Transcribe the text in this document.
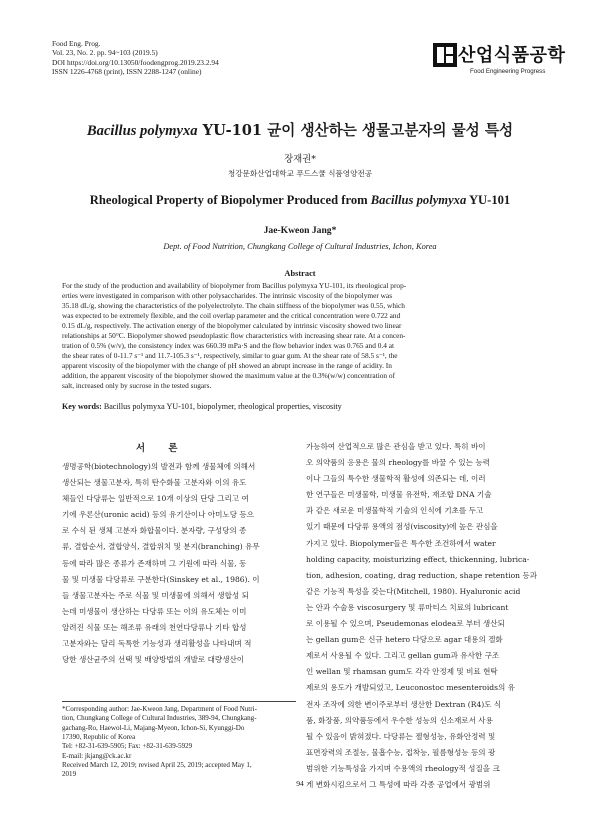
Food Eng. Prog.
Vol. 23, No. 2. pp. 94~103 (2019.5)
DOI https://doi.org/10.13050/foodengprog.2019.23.2.94
ISSN 1226-4768 (print), ISSN 2288-1247 (online)
산업식품공학
Food Engineering Progress
Bacillus polymyxa YU-101 균이 생산하는 생물고분자의 물성 특성
장재권*
청강문화산업대학교 푸드스쿨 식품영양전공
Rheological Property of Biopolymer Produced from Bacillus polymyxa YU-101
Jae-Kweon Jang*
Dept. of Food Nutrition, Chungkang College of Cultural Industries, Ichon, Korea
Abstract
For the study of the production and availability of biopolymer from Bacillus polymyxa YU-101, its rheological prop-
erties were investigated in comparison with other polysaccharides. The intrinsic viscosity of the biopolymer was
35.18 dL/g, showing the characteristics of the polyelectrolyte. The chain stiffness of the biopolymer was 0.55, which
was expected to be extremely flexible, and the coil overlap parameter and the critical concentration were 0.722 and
0.15 dL/g, respectively. The activation energy of the biopolymer calculated by intrinsic viscosity showed two linear
relationships at 50°C. Biopolymer showed pseudoplastic flow characteristics with increasing shear rate. At a concen-
tration of 0.5% (w/v), the consistency index was 660.39 mPa·S and the flow behavior index was 0.765 and 0.4 at
the shear rates of 0-11.7 s⁻¹ and 11.7-105.3 s⁻¹, respectively, similar to guar gum. At the shear rate of 58.5 s⁻¹, the
apparent viscosity of the biopolymer with the change of pH showed an abrupt increase in the range of acidity. In
addition, the apparent viscosity of the biopolymer showed the maximum value at the 0.3%(w/w) concentration of
salt, increased only by sucrose in the tested sugars.
Key words: Bacillus polymyxa YU-101, biopolymer, rheological properties, viscosity
서 론
생명공학(biotechnology)의 발전과 함께 생물체에 의해서
생산되는 생물고분자, 특히 탄수화물 고분자와 이의 유도
체들인 다당류는 일반적으로 10개 이상의 단당 그리고 여
기에 우론산(uronic acid) 등의 유기산이나 아미노당 등으
로 수식 된 생체 고분자 화합물이다. 분자량, 구성당의 종
류, 결합순서, 결합양식, 결합위치 및 분지(branching) 유무
등에 따라 많은 종류가 존재하며 그 기원에 따라 식물, 동
물 및 미생물 다당류로 구분한다(Sinskey et al., 1986). 이
들 생물고분자는 주로 식물 및 미생물에 의해서 생합성 되
는데 미생물이 생산하는 다당류 또는 이의 유도체는 이미
알려진 식물 또는 해조류 유래의 천연다당류나 기타 합성
고분자와는 달리 독특한 기능성과 생리활성을 나타내며 적
당한 생산균주의 선택 및 배양방법의 개발로 대량생산이
가능하여 산업적으로 많은 관심을 받고 있다. 특히 바이
오 의약품의 응용은 물의 rheology를 바꿀 수 있는 능력
이나 그들의 특수한 생물학적 활성에 의존되는 데, 이러
한 연구들은 미생물학, 미생물 유전학, 재조합 DNA 기술
과 같은 새로운 미생물학적 기술의 인식에 기초를 두고
있기 때문에 다당류 용액의 점성(viscosity)에 높은 관심을
가지고 있다. Biopolymer들은 특수한 조건하에서 water
holding capacity, moisturizing effect, thickenning, lubrica-
tion, adhesion, coating, drag reduction, shape retention 등과
같은 기능적 특성을 갖는다(Mitchell, 1980). Hyaluronic acid
는 안과 수술용 viscosurgery 및 류마티스 치료의 lubricant
로 이용될 수 있으며, Pseudemonas elodea로 부터 생산되
는 gellan gum은 신규 hetero 다당으로 agar 대용의 겔화
제로서 사용될 수 있다. 그리고 gellan gum과 유사한 구조
인 wellan 및 rhamsan gum도 각각 안정제 및 비료 현탁
제로의 용도가 개발되었고, Leuconostoc mesenteroids의 유
전자 조작에 의한 변이주로부터 생산한 Dextran (R4)도 식
품, 화장품, 의약품등에서 우수한 성능의 신소재로서 사용
될 수 있음이 밝혀졌다. 다당류는 젤형성능, 유화안정력 및
표면장력의 조절능, 물흡수능, 접착능, 필름형성능 등의 광
범위한 기능특성을 가지며 수용액의 rheology적 성질을 크
게 변화시킴으로서 그 특성에 따라 각종 공업에서 광범위
*Corresponding author: Jae-Kweon Jang, Department of Food Nutri-
tion, Chungkang College of Cultural Industries, 389-94, Chungkang-
gachang-Ro, Haewol-Li, Majang-Myeon, Ichon-Si, Kyunggi-Do
17390, Republic of Korea
Tel: +82-31-639-5905; Fax: +82-31-639-5929
E-mail: jkjang@ck.ac.kr
Received March 12, 2019; revised April 25, 2019; accepted May 1,
2019
94
